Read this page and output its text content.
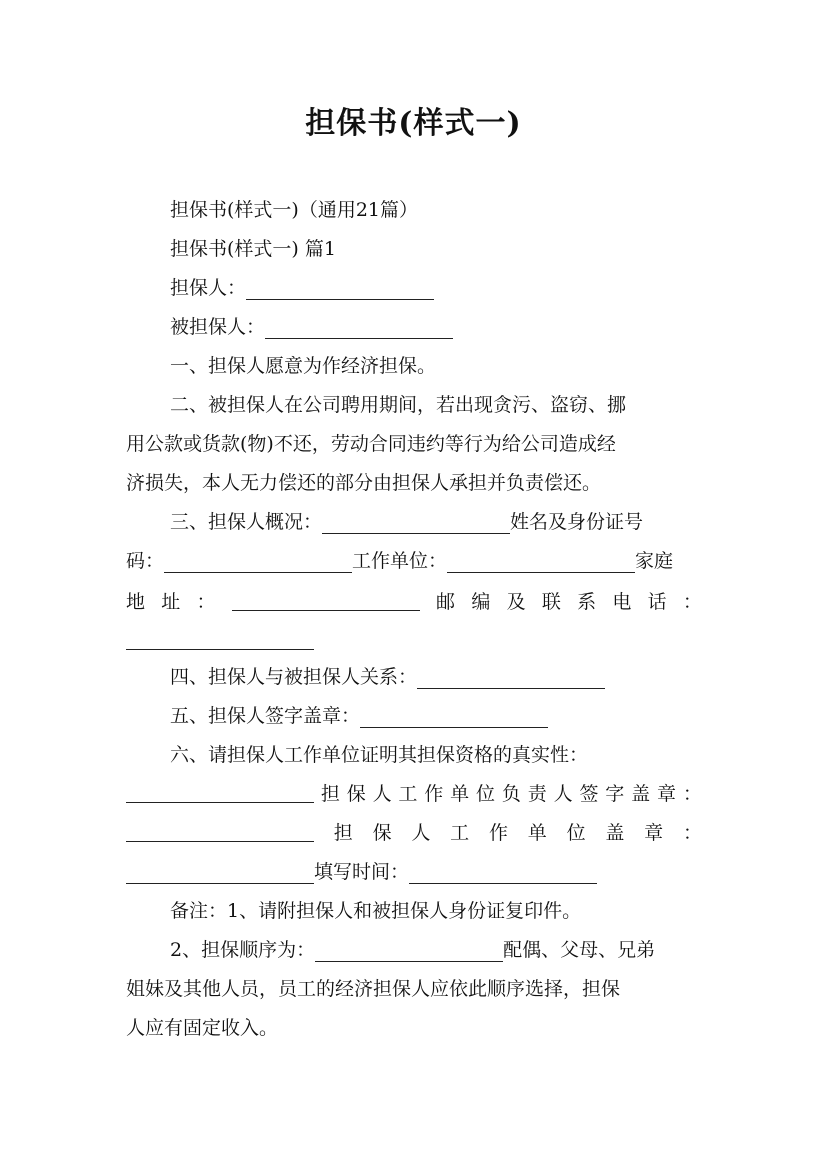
担保书(样式一)
担保书(样式一)（通用21篇）
担保书(样式一) 篇1
担保人：
被担保人：
一、担保人愿意为作经济担保。
二、被担保人在公司聘用期间，若出现贪污、盗窃、挪
用公款或货款(物)不还，劳动合同违约等行为给公司造成经
济损失，本人无力偿还的部分由担保人承担并负责偿还。
三、担保人概况：	姓名及身份证号
码：	工作单位：	家庭
地 址 ：	邮 编 及 联 系 电 话 ：
四、担保人与被担保人关系：
五、担保人签字盖章：
六、请担保人工作单位证明其担保资格的真实性：
担 保 人 工 作 单 位 负 责 人 签 字 盖 章 ：
担 保 人 工 作 单 位 盖 章 ：
填写时间：
备注：1、请附担保人和被担保人身份证复印件。
2、担保顺序为：	配偶、父母、兄弟
姐妹及其他人员，员工的经济担保人应依此顺序选择，担保
人应有固定收入。
